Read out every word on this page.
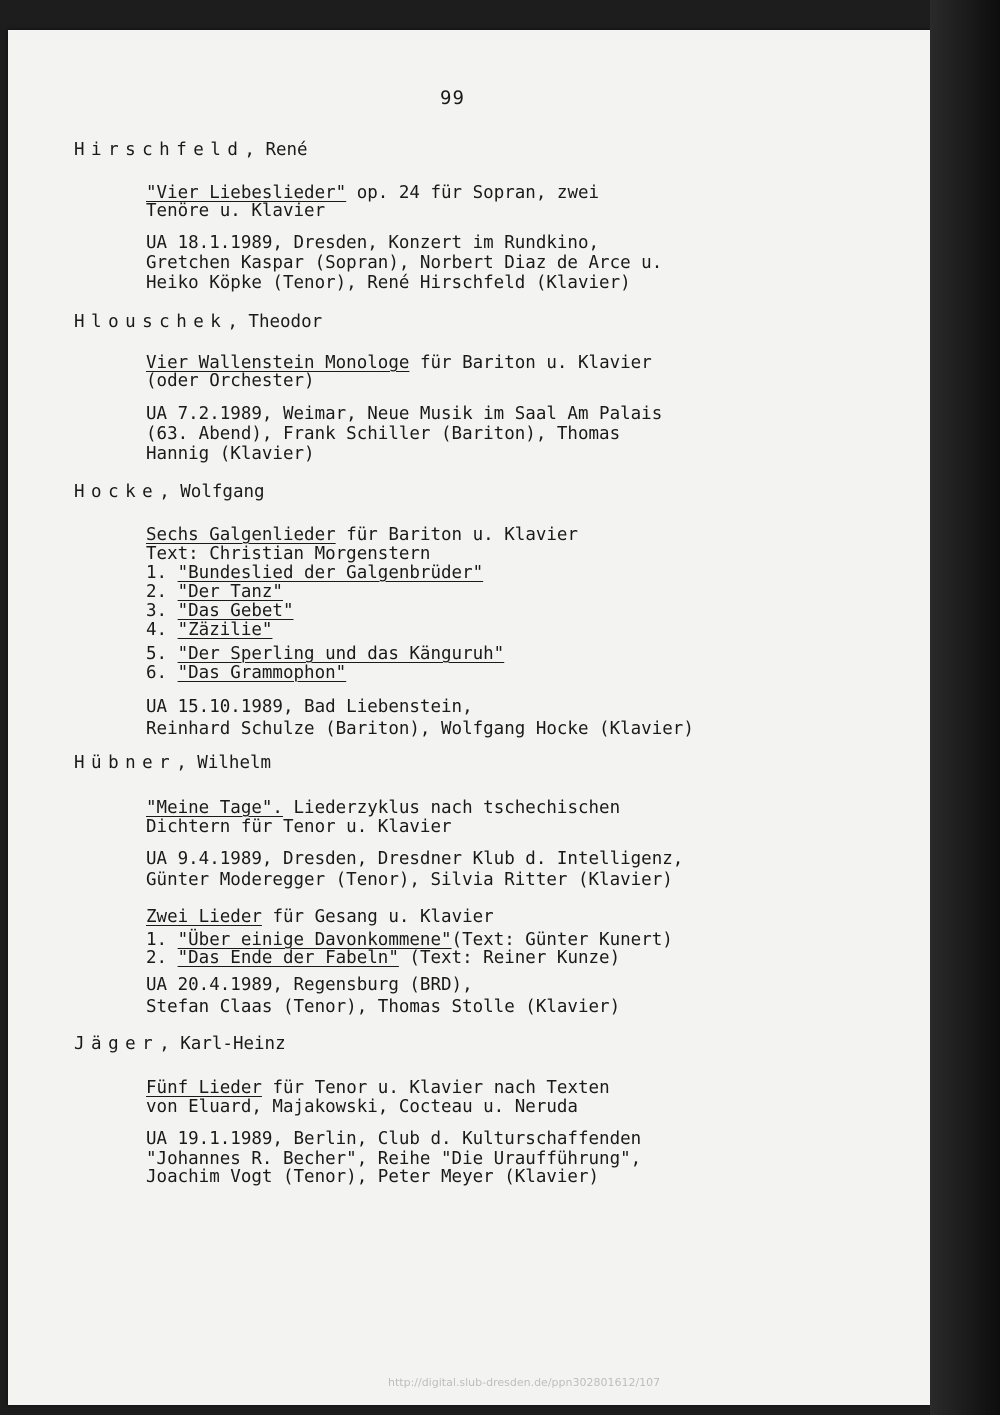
99
Hirschfeld, René
"Vier Liebeslieder" op. 24 für Sopran, zwei
Tenöre u. Klavier
UA 18.1.1989, Dresden, Konzert im Rundkino,
Gretchen Kaspar (Sopran), Norbert Diaz de Arce u.
Heiko Köpke (Tenor), René Hirschfeld (Klavier)
Hlouschek, Theodor
Vier Wallenstein Monologe für Bariton u. Klavier
(oder Orchester)
UA 7.2.1989, Weimar, Neue Musik im Saal Am Palais
(63. Abend), Frank Schiller (Bariton), Thomas
Hannig (Klavier)
Hocke, Wolfgang
Sechs Galgenlieder für Bariton u. Klavier
Text: Christian Morgenstern
1. "Bundeslied der Galgenbrüder"
2. "Der Tanz"
3. "Das Gebet"
4. "Zäzilie"
5. "Der Sperling und das Känguruh"
6. "Das Grammophon"
UA 15.10.1989, Bad Liebenstein,
Reinhard Schulze (Bariton), Wolfgang Hocke (Klavier)
Hübner, Wilhelm
"Meine Tage". Liederzyklus nach tschechischen
Dichtern für Tenor u. Klavier
UA 9.4.1989, Dresden, Dresdner Klub d. Intelligenz,
Günter Moderegger (Tenor), Silvia Ritter (Klavier)
Zwei Lieder für Gesang u. Klavier
1. "Über einige Davonkommene"(Text: Günter Kunert)
2. "Das Ende der Fabeln" (Text: Reiner Kunze)
UA 20.4.1989, Regensburg (BRD),
Stefan Claas (Tenor), Thomas Stolle (Klavier)
Jäger, Karl-Heinz
Fünf Lieder für Tenor u. Klavier nach Texten
von Eluard, Majakowski, Cocteau u. Neruda
UA 19.1.1989, Berlin, Club d. Kulturschaffenden
"Johannes R. Becher", Reihe "Die Uraufführung",
Joachim Vogt (Tenor), Peter Meyer (Klavier)
http://digital.slub-dresden.de/ppn302801612/107
